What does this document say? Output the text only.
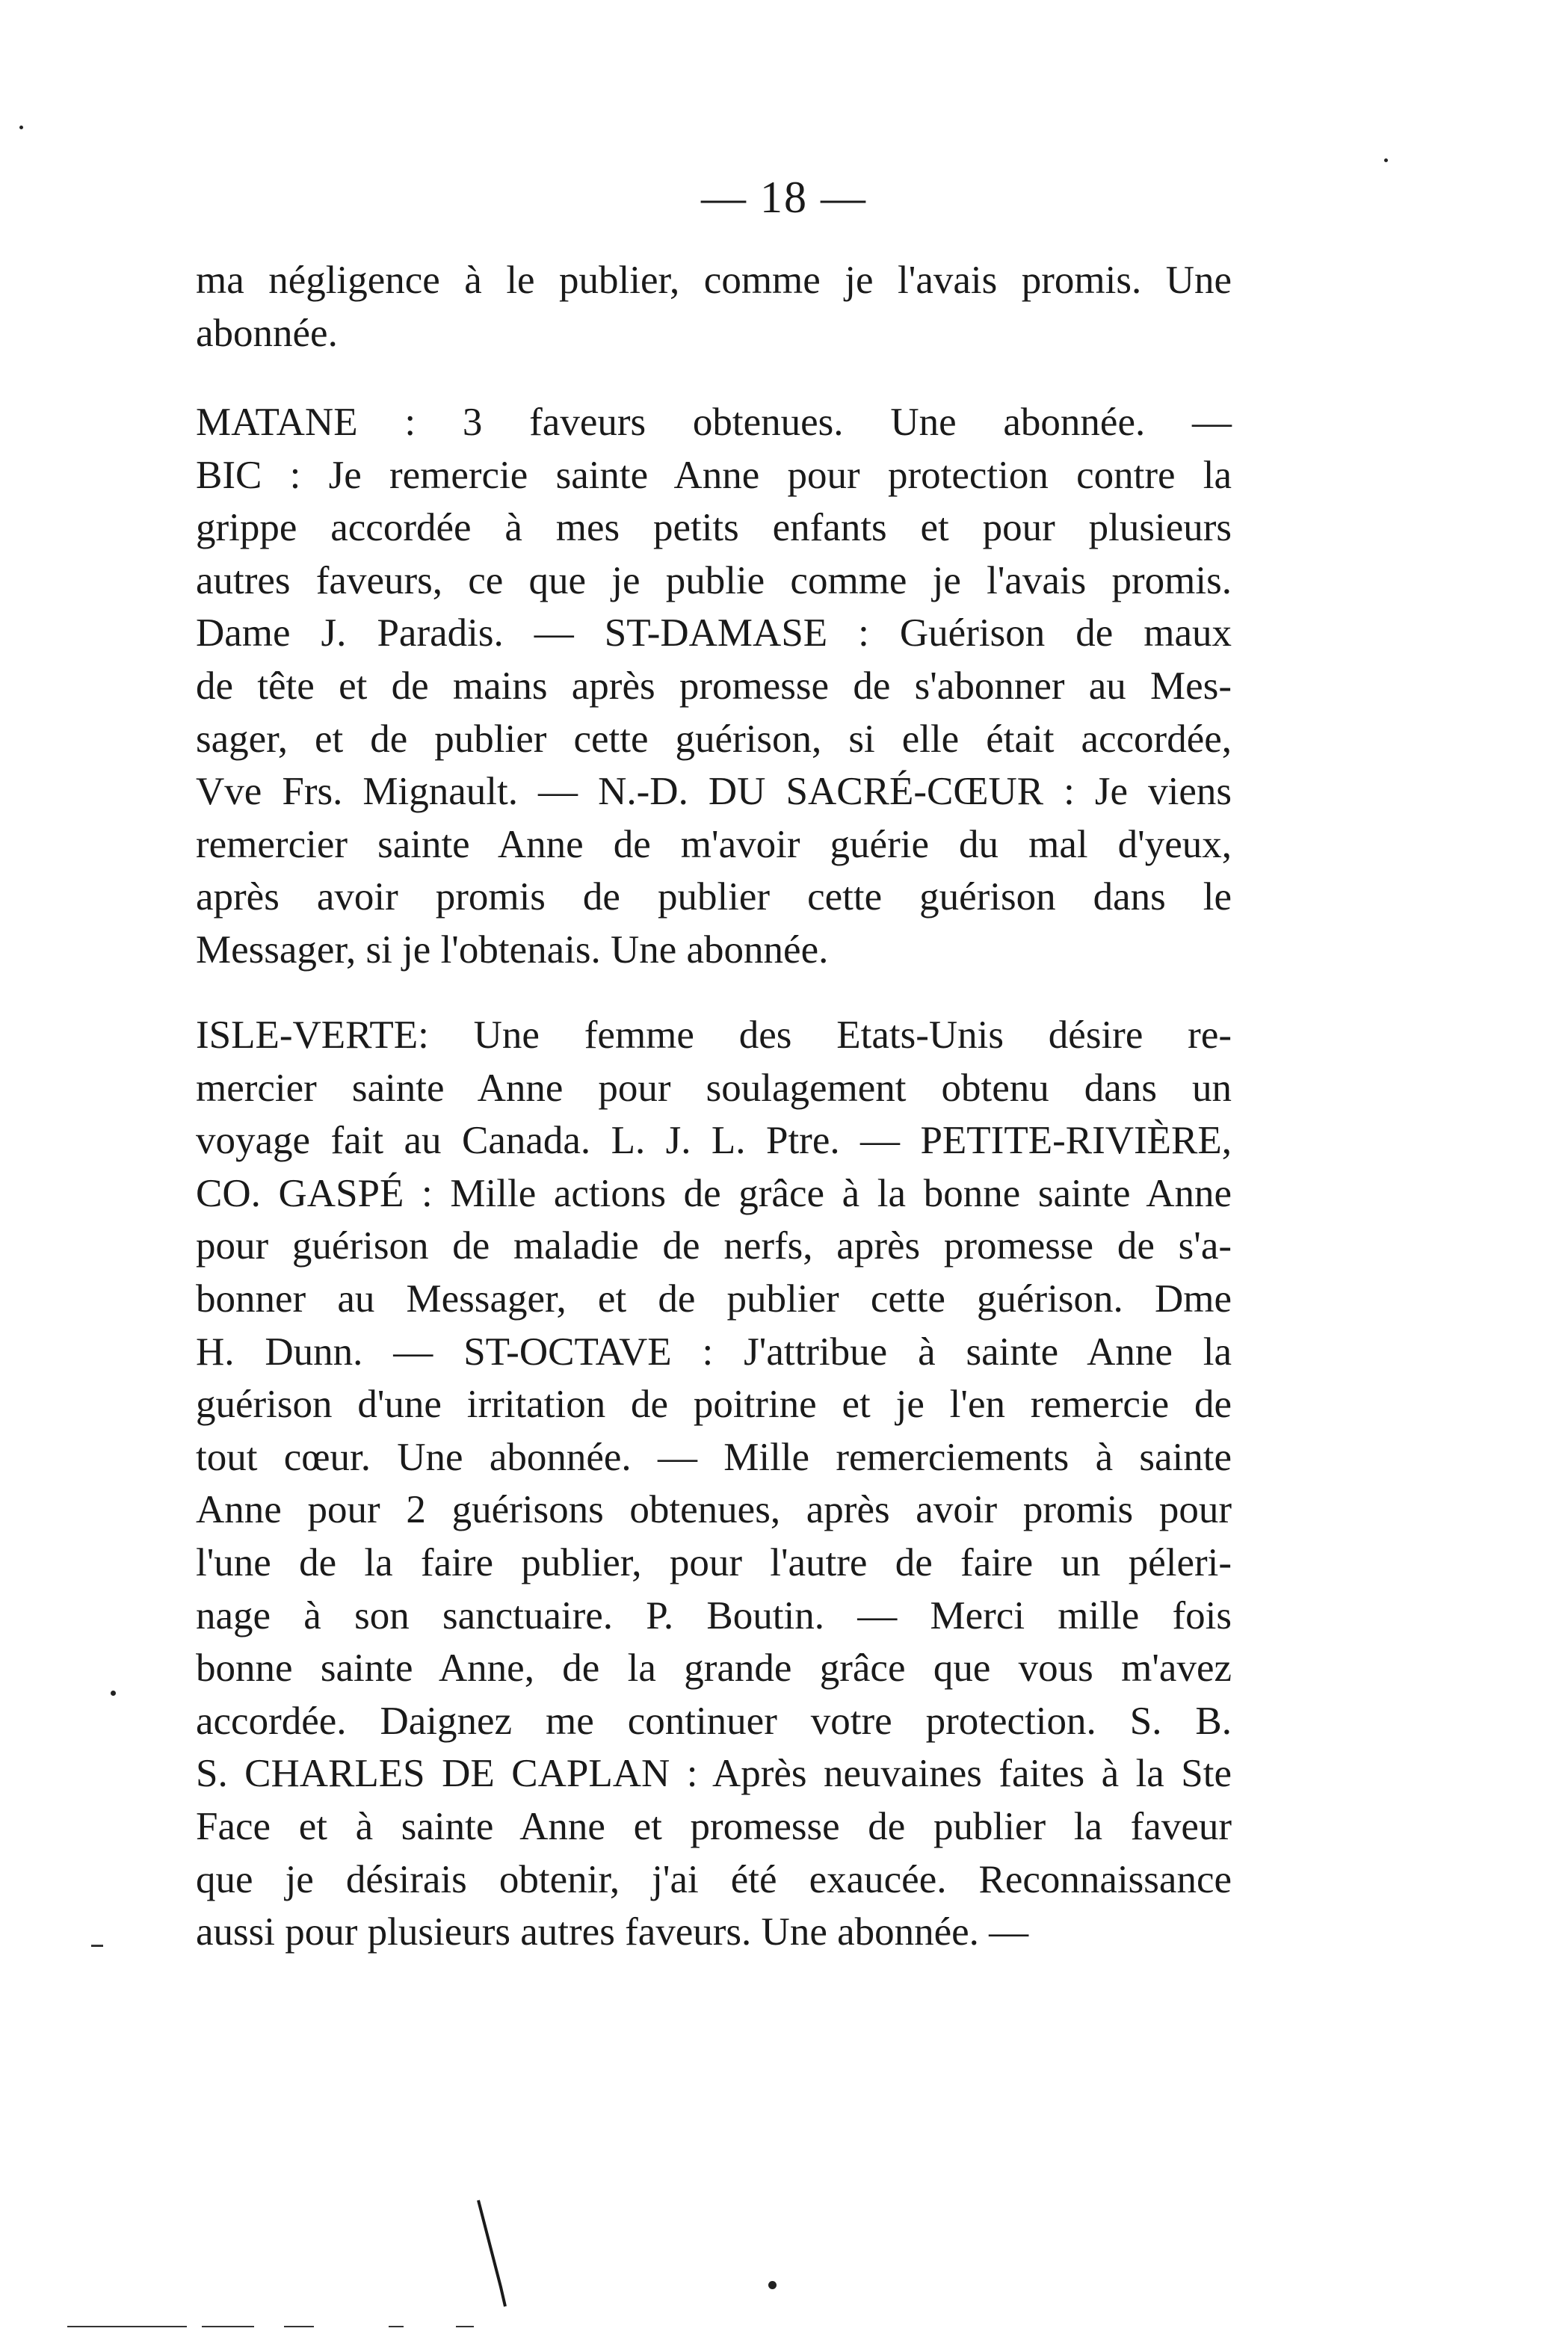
— 18 —
ma négligence à le publier, comme je l'avais promis. Une
abonnée.
MATANE : 3 faveurs obtenues. Une abonnée. —
BIC : Je remercie sainte Anne pour protection contre la
grippe accordée à mes petits enfants et pour plusieurs
autres faveurs, ce que je publie comme je l'avais promis.
Dame J. Paradis. — ST-DAMASE : Guérison de maux
de tête et de mains après promesse de s'abonner au Mes-
sager, et de publier cette guérison, si elle était accordée,
Vve Frs. Mignault. — N.-D. DU SACRÉ-CŒUR : Je viens
remercier sainte Anne de m'avoir guérie du mal d'yeux,
après avoir promis de publier cette guérison dans le
Messager, si je l'obtenais. Une abonnée.
ISLE-VERTE: Une femme des Etats-Unis désire re-
mercier sainte Anne pour soulagement obtenu dans un
voyage fait au Canada. L. J. L. Ptre. — PETITE-RIVIÈRE,
CO. GASPÉ : Mille actions de grâce à la bonne sainte Anne
pour guérison de maladie de nerfs, après promesse de s'a-
bonner au Messager, et de publier cette guérison. Dme
H. Dunn. — ST-OCTAVE : J'attribue à sainte Anne la
guérison d'une irritation de poitrine et je l'en remercie de
tout cœur. Une abonnée. — Mille remerciements à sainte
Anne pour 2 guérisons obtenues, après avoir promis pour
l'une de la faire publier, pour l'autre de faire un péleri-
nage à son sanctuaire. P. Boutin. — Merci mille fois
bonne sainte Anne, de la grande grâce que vous m'avez
accordée. Daignez me continuer votre protection. S. B.
S. CHARLES DE CAPLAN : Après neuvaines faites à la Ste
Face et à sainte Anne et promesse de publier la faveur
que je désirais obtenir, j'ai été exaucée. Reconnaissance
aussi pour plusieurs autres faveurs. Une abonnée. —
